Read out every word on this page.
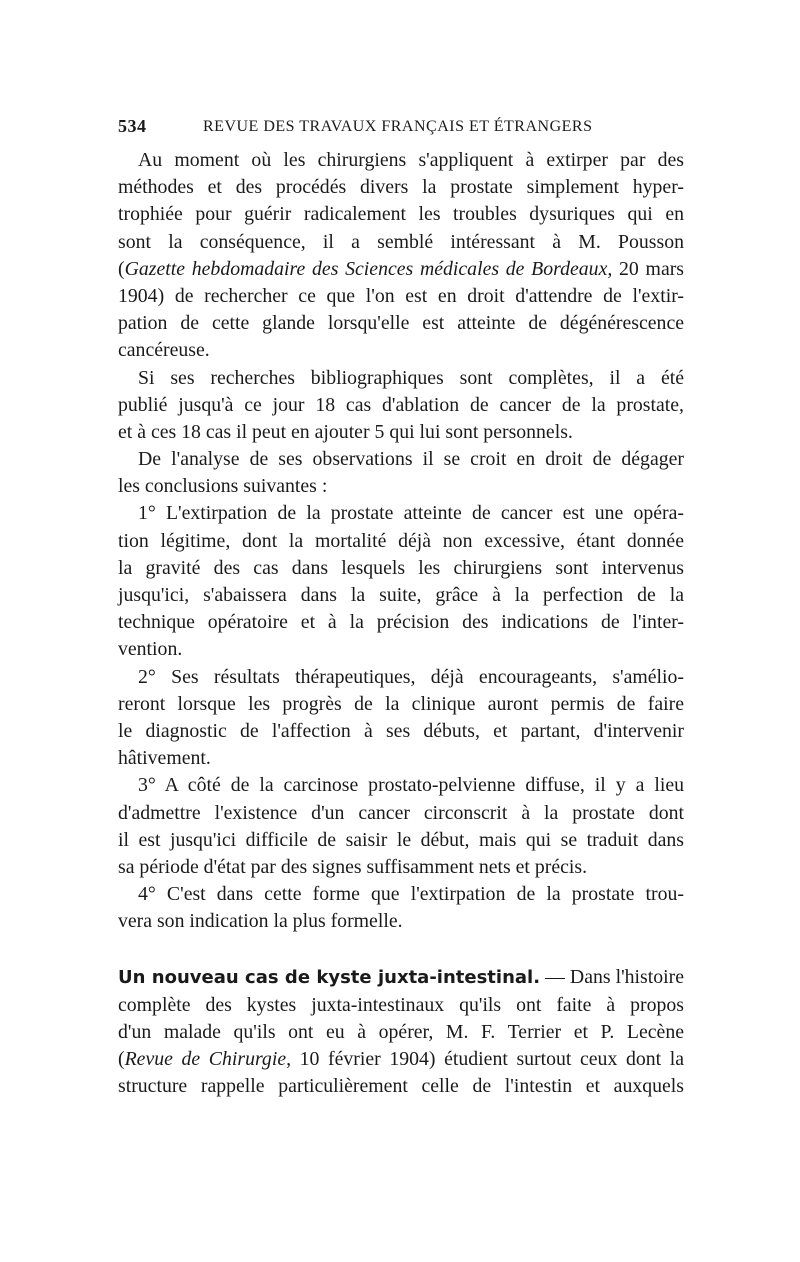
534	REVUE DES TRAVAUX FRANÇAIS ET ÉTRANGERS
Au moment où les chirurgiens s'appliquent à extirper par des
méthodes et des procédés divers la prostate simplement hyper-
trophiée pour guérir radicalement les troubles dysuriques qui en
sont la conséquence, il a semblé intéressant à M. Pousson
(Gazette hebdomadaire des Sciences médicales de Bordeaux, 20 mars
1904) de rechercher ce que l'on est en droit d'attendre de l'extir-
pation de cette glande lorsqu'elle est atteinte de dégénérescence
cancéreuse.
Si ses recherches bibliographiques sont complètes, il a été
publié jusqu'à ce jour 18 cas d'ablation de cancer de la prostate,
et à ces 18 cas il peut en ajouter 5 qui lui sont personnels.
De l'analyse de ses observations il se croit en droit de dégager
les conclusions suivantes :
1° L'extirpation de la prostate atteinte de cancer est une opéra-
tion légitime, dont la mortalité déjà non excessive, étant donnée
la gravité des cas dans lesquels les chirurgiens sont intervenus
jusqu'ici, s'abaissera dans la suite, grâce à la perfection de la
technique opératoire et à la précision des indications de l'inter-
vention.
2° Ses résultats thérapeutiques, déjà encourageants, s'amélio-
reront lorsque les progrès de la clinique auront permis de faire
le diagnostic de l'affection à ses débuts, et partant, d'intervenir
hâtivement.
3° A côté de la carcinose prostato-pelvienne diffuse, il y a lieu
d'admettre l'existence d'un cancer circonscrit à la prostate dont
il est jusqu'ici difficile de saisir le début, mais qui se traduit dans
sa période d'état par des signes suffisamment nets et précis.
4° C'est dans cette forme que l'extirpation de la prostate trou-
vera son indication la plus formelle.
Un nouveau cas de kyste juxta-intestinal. — Dans l'histoire
complète des kystes juxta-intestinaux qu'ils ont faite à propos
d'un malade qu'ils ont eu à opérer, M. F. Terrier et P. Lecène
(Revue de Chirurgie, 10 février 1904) étudient surtout ceux dont la
structure rappelle particulièrement celle de l'intestin et auxquels
